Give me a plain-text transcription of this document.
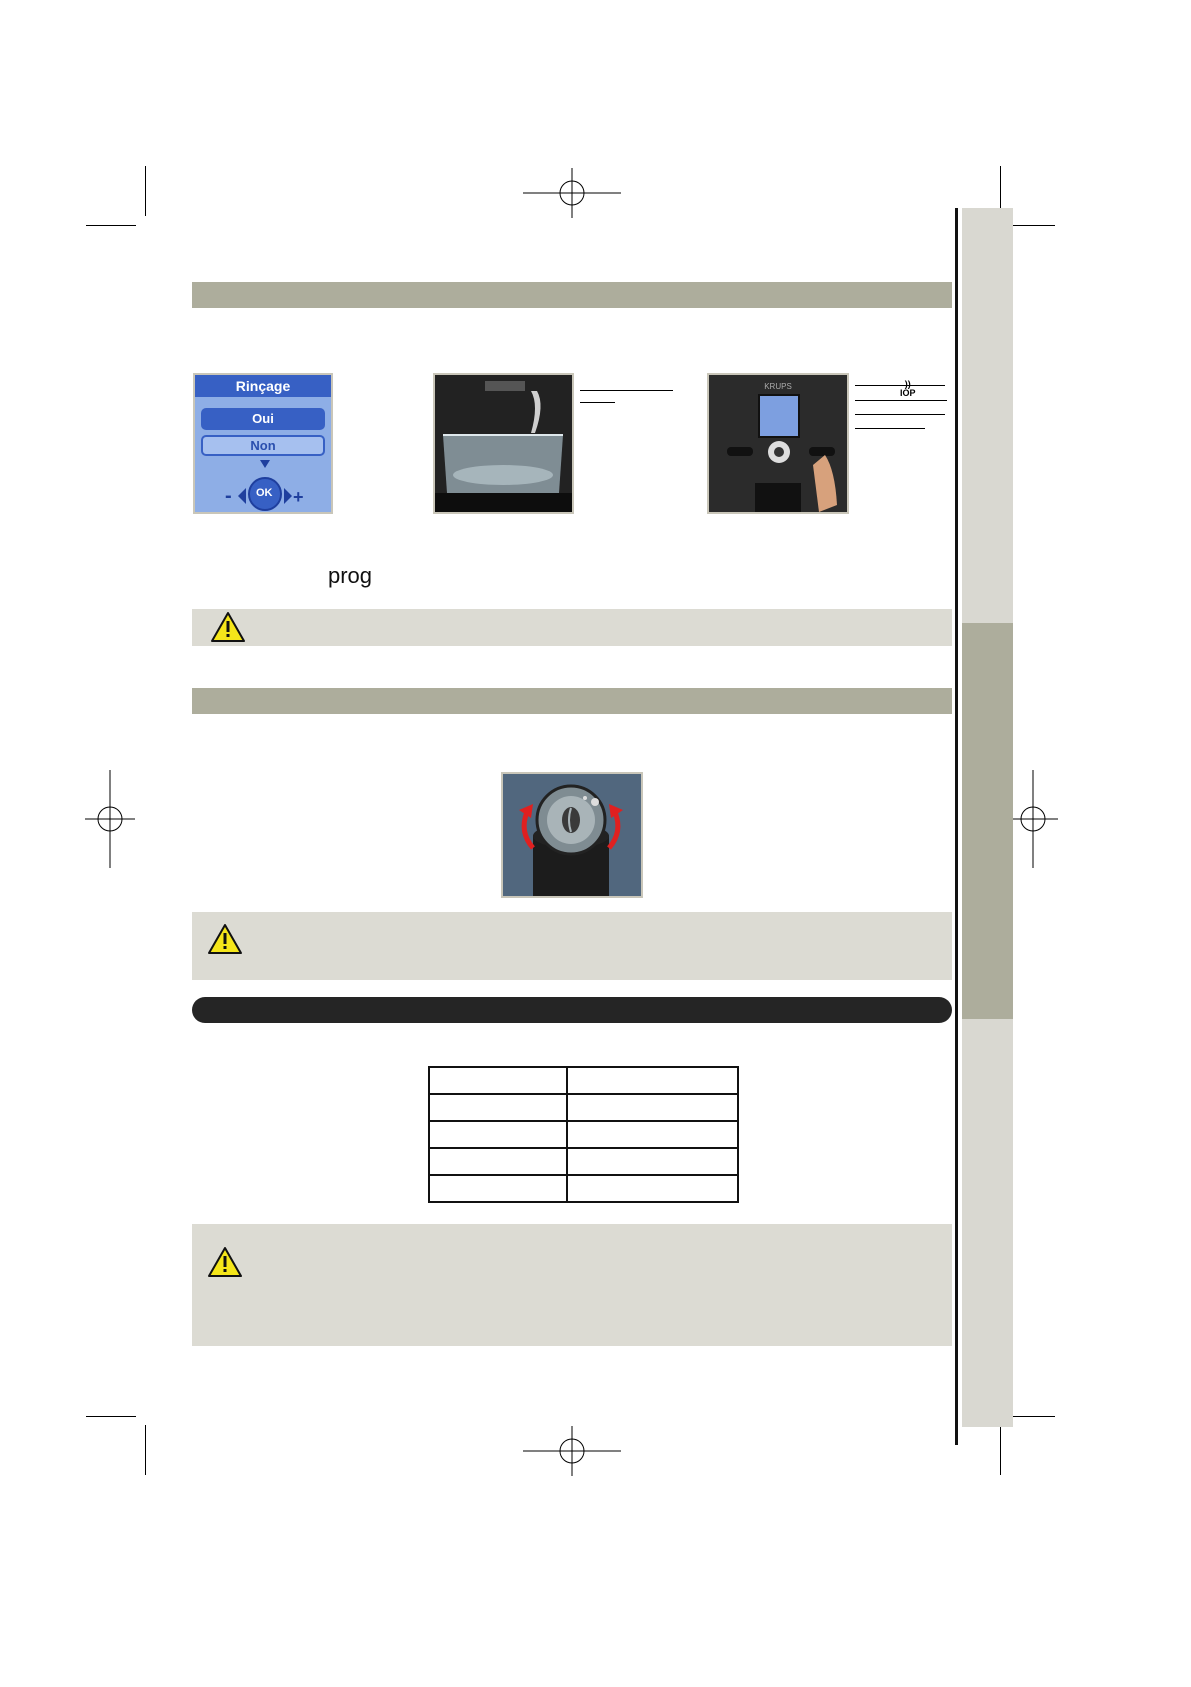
Rinçage
Oui
Non
OK
-	+
KRUPS	))
IOP
prog
